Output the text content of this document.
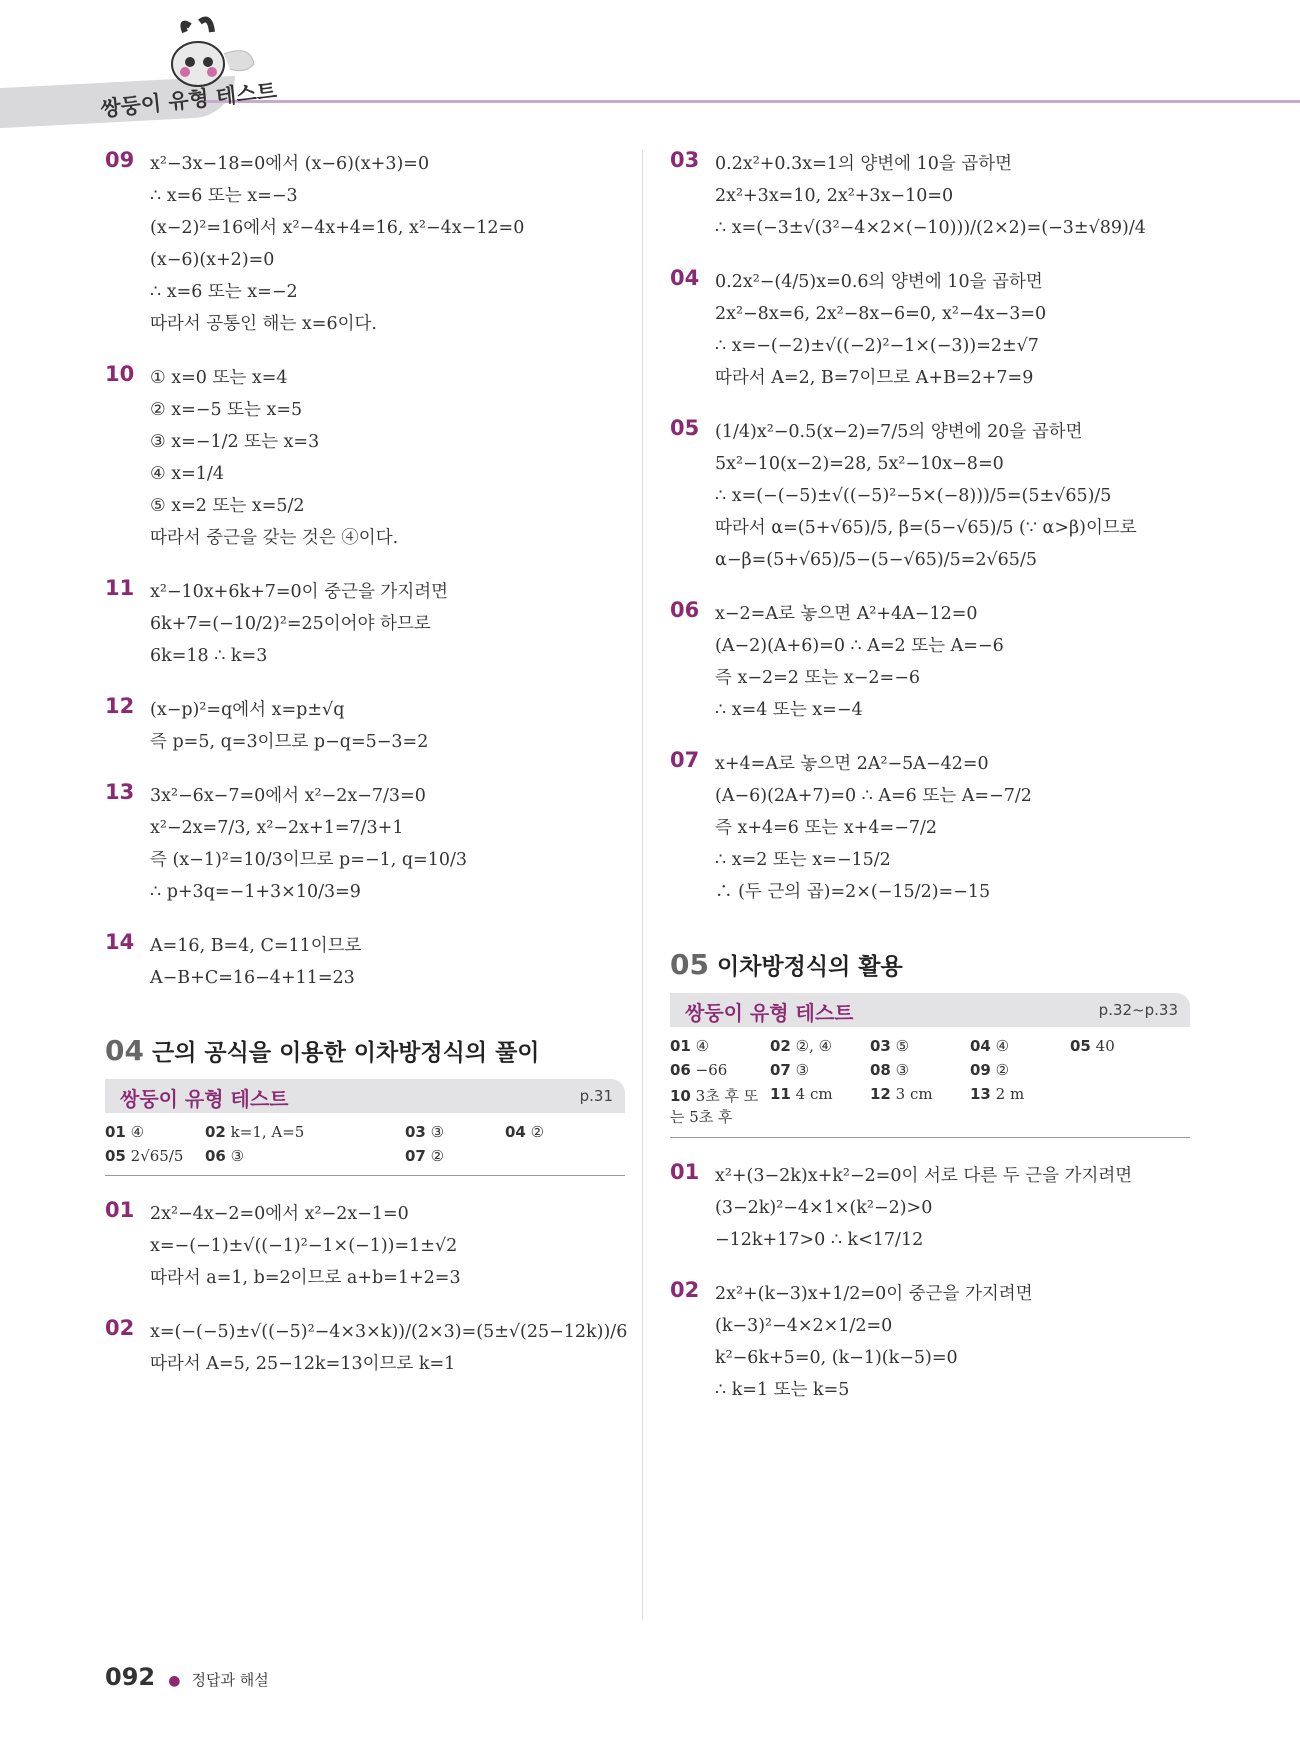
쌍둥이 유형 테스트
09 x²−3x−18=0에서 (x−6)(x+3)=0
∴ x=6 또는 x=−3
(x−2)²=16에서 x²−4x+4=16, x²−4x−12=0
(x−6)(x+2)=0
∴ x=6 또는 x=−2
따라서 공통인 해는 x=6이다.
10 ① x=0 또는 x=4
② x=−5 또는 x=5
③ x=−1/2 또는 x=3
④ x=1/4
⑤ x=2 또는 x=5/2
따라서 중근을 갖는 것은 ④이다.
11 x²−10x+6k+7=0이 중근을 가지려면
6k+7=(−10/2)²=25이어야 하므로
6k=18 ∴ k=3
12 (x−p)²=q에서 x=p±√q
즉 p=5, q=3이므로 p−q=5−3=2
13 3x²−6x−7=0에서 x²−2x−7/3=0
x²−2x=7/3, x²−2x+1=7/3+1
즉 (x−1)²=10/3이므로 p=−1, q=10/3
∴ p+3q=−1+3×10/3=9
14 A=16, B=4, C=11이므로
A−B+C=16−4+11=23
04 근의 공식을 이용한 이차방정식의 풀이
쌍둥이 유형 테스트	p.31
01 ④	02 k=1, A=5	03 ③	04 ②
05 2√65/5	06 ③	07 ②
01 2x²−4x−2=0에서 x²−2x−1=0
x=−(−1)±√((−1)²−1×(−1))=1±√2
따라서 a=1, b=2이므로 a+b=1+2=3
02 x=(−(−5)±√((−5)²−4×3×k))/(2×3)=(5±√(25−12k))/6
따라서 A=5, 25−12k=13이므로 k=1
03 0.2x²+0.3x=1의 양변에 10을 곱하면
2x²+3x=10, 2x²+3x−10=0
∴ x=(−3±√(3²−4×2×(−10)))/(2×2)=(−3±√89)/4
04 0.2x²−(4/5)x=0.6의 양변에 10을 곱하면
2x²−8x=6, 2x²−8x−6=0, x²−4x−3=0
∴ x=−(−2)±√((−2)²−1×(−3))=2±√7
따라서 A=2, B=7이므로 A+B=2+7=9
05 (1/4)x²−0.5(x−2)=7/5의 양변에 20을 곱하면
5x²−10(x−2)=28, 5x²−10x−8=0
∴ x=(−(−5)±√((−5)²−5×(−8)))/5=(5±√65)/5
따라서 α=(5+√65)/5, β=(5−√65)/5 (∵ α>β)이므로
α−β=(5+√65)/5−(5−√65)/5=2√65/5
06 x−2=A로 놓으면 A²+4A−12=0
(A−2)(A+6)=0 ∴ A=2 또는 A=−6
즉 x−2=2 또는 x−2=−6
∴ x=4 또는 x=−4
07 x+4=A로 놓으면 2A²−5A−42=0
(A−6)(2A+7)=0 ∴ A=6 또는 A=−7/2
즉 x+4=6 또는 x+4=−7/2
∴ x=2 또는 x=−15/2
∴ (두 근의 곱)=2×(−15/2)=−15
05 이차방정식의 활용
쌍둥이 유형 테스트	p.32~p.33
01 ④	02 ②, ④	03 ⑤	04 ④	05 40
06 −66	07 ③	08 ③	09 ②
10 3초 후 또는 5초 후
11 4 cm	12 3 cm	13 2 m
01 x²+(3−2k)x+k²−2=0이 서로 다른 두 근을 가지려면
(3−2k)²−4×1×(k²−2)>0
−12k+17>0 ∴ k<17/12
02 2x²+(k−3)x+1/2=0이 중근을 가지려면
(k−3)²−4×2×1/2=0
k²−6k+5=0, (k−1)(k−5)=0
∴ k=1 또는 k=5
092 ● 정답과 해설
